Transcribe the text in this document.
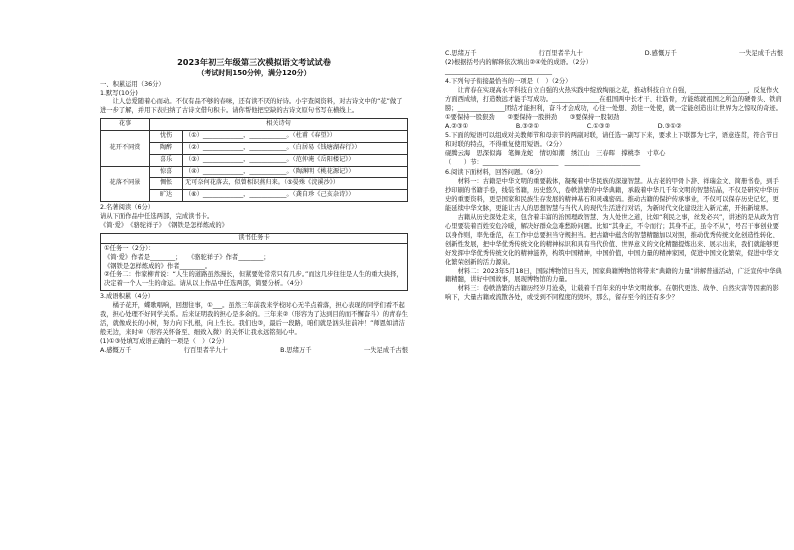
2023年初三年级第三次模拟语文考试试卷
（考试时间150分钟，满分120分）

一、积累运用（36分）

1.默写(10分)

让人总爱随着心而动。不仅有品不够的春味，还有读不厌的好诗。小宇查阅资料，对古诗文中的“花”做了进一步了解，并用下表归纳了古诗文借句积卡。请你帮他把空缺的古诗文原句书写在横线上。

花事	相关诗句	
花开不同赏	忧伤	（①）_____________，____________。（杜甫《春望》）
	陶醉	（②）_____________，____________。（白居易《钱塘湖春行》）
	喜乐	（③）_____________，____________。（范仲淹《岳阳楼记》）
花落不同景	惊喜	（④）_____________，____________。（陶渊明《桃花源记》）
	惆怅	无可奈何花落去，似曾相识燕归来。（⑤晏殊《浣溪沙》）
	旷达	（⑥）_____________，____________。（龚自珍《己亥杂诗》）

2.名著阅读（6分）

请从下面作品中任选两部，完成读书卡。

《简·爱》　《骆驼祥子》　《钢铁是怎样炼成的》

读书任务卡

①任务一（2分）：

《简·爱》作者是________；　　《骆驼祥子》作者________；

《钢铁是怎样炼成的》作者________。

②任务二：作家柳青说：“人生的道路虽然漫长，但紧要处常常只有几步。”而这几步往往是人生的重大抉择，决定着一个人一生的命运。请从以上作品中任选两部，简要分析。（4分）

3.成语积累（4分）

橘子花开，蝶歌唱响，回想往事，①___。虽然三年前我来学校时心无半点着落，担心表现的同学们看不起我，担心处理不好同学关系。后来证明我的担心是多余的。三年来②（形容为了达到目的而不懈奋斗）的青春生活，就像成长的小树，努力向下扎根，向上生长。我们也③，最后一段路，咱们就是汹头往前冲！”师恩如清洁般无边，来时④（形容关怀备至、细致入微）的关怀让我永远铭刻心中。

(1)①③处填写成语正确的一项是（　）（2分）

A.感慨万千	行百里者半九十	B.思绪万千	一失足成千古恨
C.思绪万千	行百里者半九十	D.感慨万千	一失足成千古恨

(2)根据括号内的解释依次填出②④处的成语。（2分）

__________________________________

4.下列句子衔接最恰当的一项是（　）（2分）

让青春在实现高水平科技自立自强的火热实践中绽放绚丽之花，推动科技自立自强，__________________，反复作火方面西成绩，打造数远才能手写成功。_______________在祖国两中长才干、壮筋骨，方能练就祖国之所急的硬骨头、铁肩膀；_______________团结才能担利，奋斗才会成功，心往一处想、劲往一处使，就一定能创造出让世界为之惊叹的奇迹。

①要保持一股狠劲　　②要保持一股拼劲　　③要保持一股韧劲

A.②③①	B.③②①	C.①③②	D.③①②

5.下面的短语可以组成对关教师节和母亲节的两副对联，请任选一副写下来，要求上下联都为七字，语意连贯，符合节日和对联的特点，不得重复使用短语。（2分）

砚腾云海　思深似海　笔舞龙蛇　情切如潮　绣江山　三春晖　撑桃李　寸草心

（　　）节：________________________　________________________

6.阅读下面材料，回答问题。（8分）

材料一：古籍是中华文明的重要载体，凝聚着中华民族的深邃智慧。从古老的甲骨卜辞、祥瑞金文、简册书卷，到手抄印刷的书籍手卷，线装书籍，历史悠久，卷帙浩繁的中华典籍，承载着中华几千年文明的智慧结晶，不仅是研究中华历史的重要资料，更是国家和民族生存发展的精神基石和灵魂密码。推动古籍的保护传承事业，不仅可以保存历史记忆，更能延续中华文脉，更能让古人的思想智慧与当代人的现代生活进行对话，为新时代文化建设注入新元素，开拓新境界。

古籍从历史深处走来，包含着丰富的治国理政智慧、为人处世之道，比如“利民之事，丝发必兴”，讲述的是从政为官心里要装着百姓安危冷暖，解决好群众急难愁盼问题。比如“其身正，不令而行；其身不正，虽令不从”，号召干事创业要以身作则，率先垂范，在工作中总要担当守规担当。把古籍中蕴含的智慧精髓加以对照，推动优秀传统文化创造性转化、创新性发展，把中华优秀传统文化的精神标识和具有当代价值、世界意义的文化精髓提炼出来、展示出来，我们就能够更好发挥中华优秀传统文化的精神滋养，构筑中国精神，中国价值，中国力量的精神家园，促进中国文化繁荣，促进中华文化繁荣创新的活力源泉。

材料二：2023年5月18日，国际博物馆日当天，国家典籍博物馆将带来“典籍的力量”讲解普通活动，广泛宣传中华典籍精髓，讲好中国故事，展现博物馆的力量。

材料三：卷帙浩繁的古籍历经岁月沧桑，让载着千百年来的中华文明故事。在朝代更迭、战争、自然灾害等因素的影响下，大量古籍或流散各处，或受到不同程度的毁坏，那么，留存至今的还有多少？
